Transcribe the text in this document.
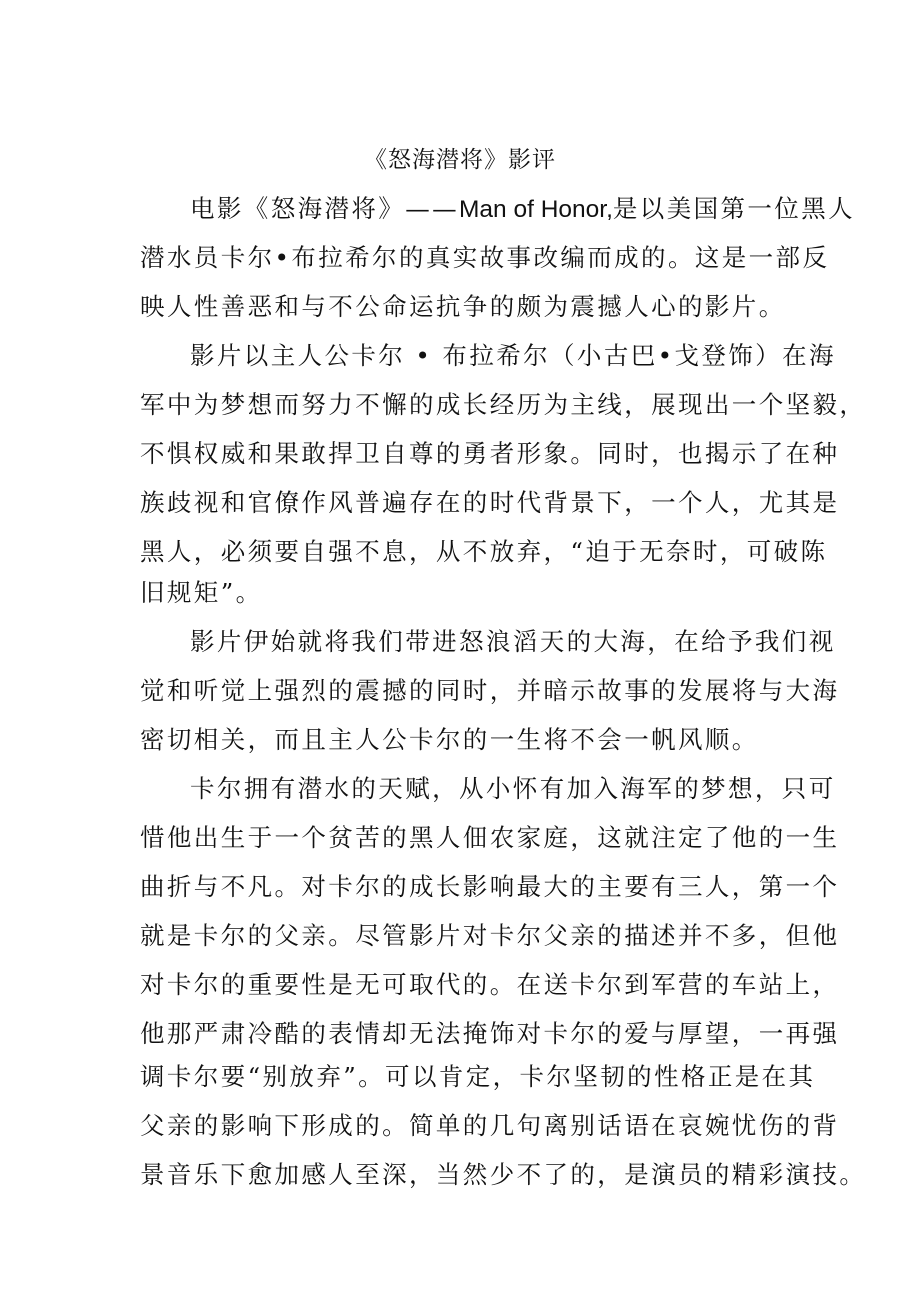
《怒海潜将》影评
电影《怒海潜将》——Man of Honor,是以美国第一位黑人
潜水员卡尔•布拉希尔的真实故事改编而成的。这是一部反
映人性善恶和与不公命运抗争的颇为震撼人心的影片。
影片以主人公卡尔 • 布拉希尔（小古巴•戈登饰）在海
军中为梦想而努力不懈的成长经历为主线，展现出一个坚毅，
不惧权威和果敢捍卫自尊的勇者形象。同时，也揭示了在种
族歧视和官僚作风普遍存在的时代背景下，一个人，尤其是
黑人，必须要自强不息，从不放弃，“迫于无奈时，可破陈
旧规矩”。
影片伊始就将我们带进怒浪滔天的大海，在给予我们视
觉和听觉上强烈的震撼的同时，并暗示故事的发展将与大海
密切相关，而且主人公卡尔的一生将不会一帆风顺。
卡尔拥有潜水的天赋，从小怀有加入海军的梦想，只可
惜他出生于一个贫苦的黑人佃农家庭，这就注定了他的一生
曲折与不凡。对卡尔的成长影响最大的主要有三人，第一个
就是卡尔的父亲。尽管影片对卡尔父亲的描述并不多，但他
对卡尔的重要性是无可取代的。在送卡尔到军营的车站上，
他那严肃冷酷的表情却无法掩饰对卡尔的爱与厚望，一再强
调卡尔要“别放弃”。可以肯定，卡尔坚韧的性格正是在其
父亲的影响下形成的。简单的几句离别话语在哀婉忧伤的背
景音乐下愈加感人至深，当然少不了的，是演员的精彩演技。
